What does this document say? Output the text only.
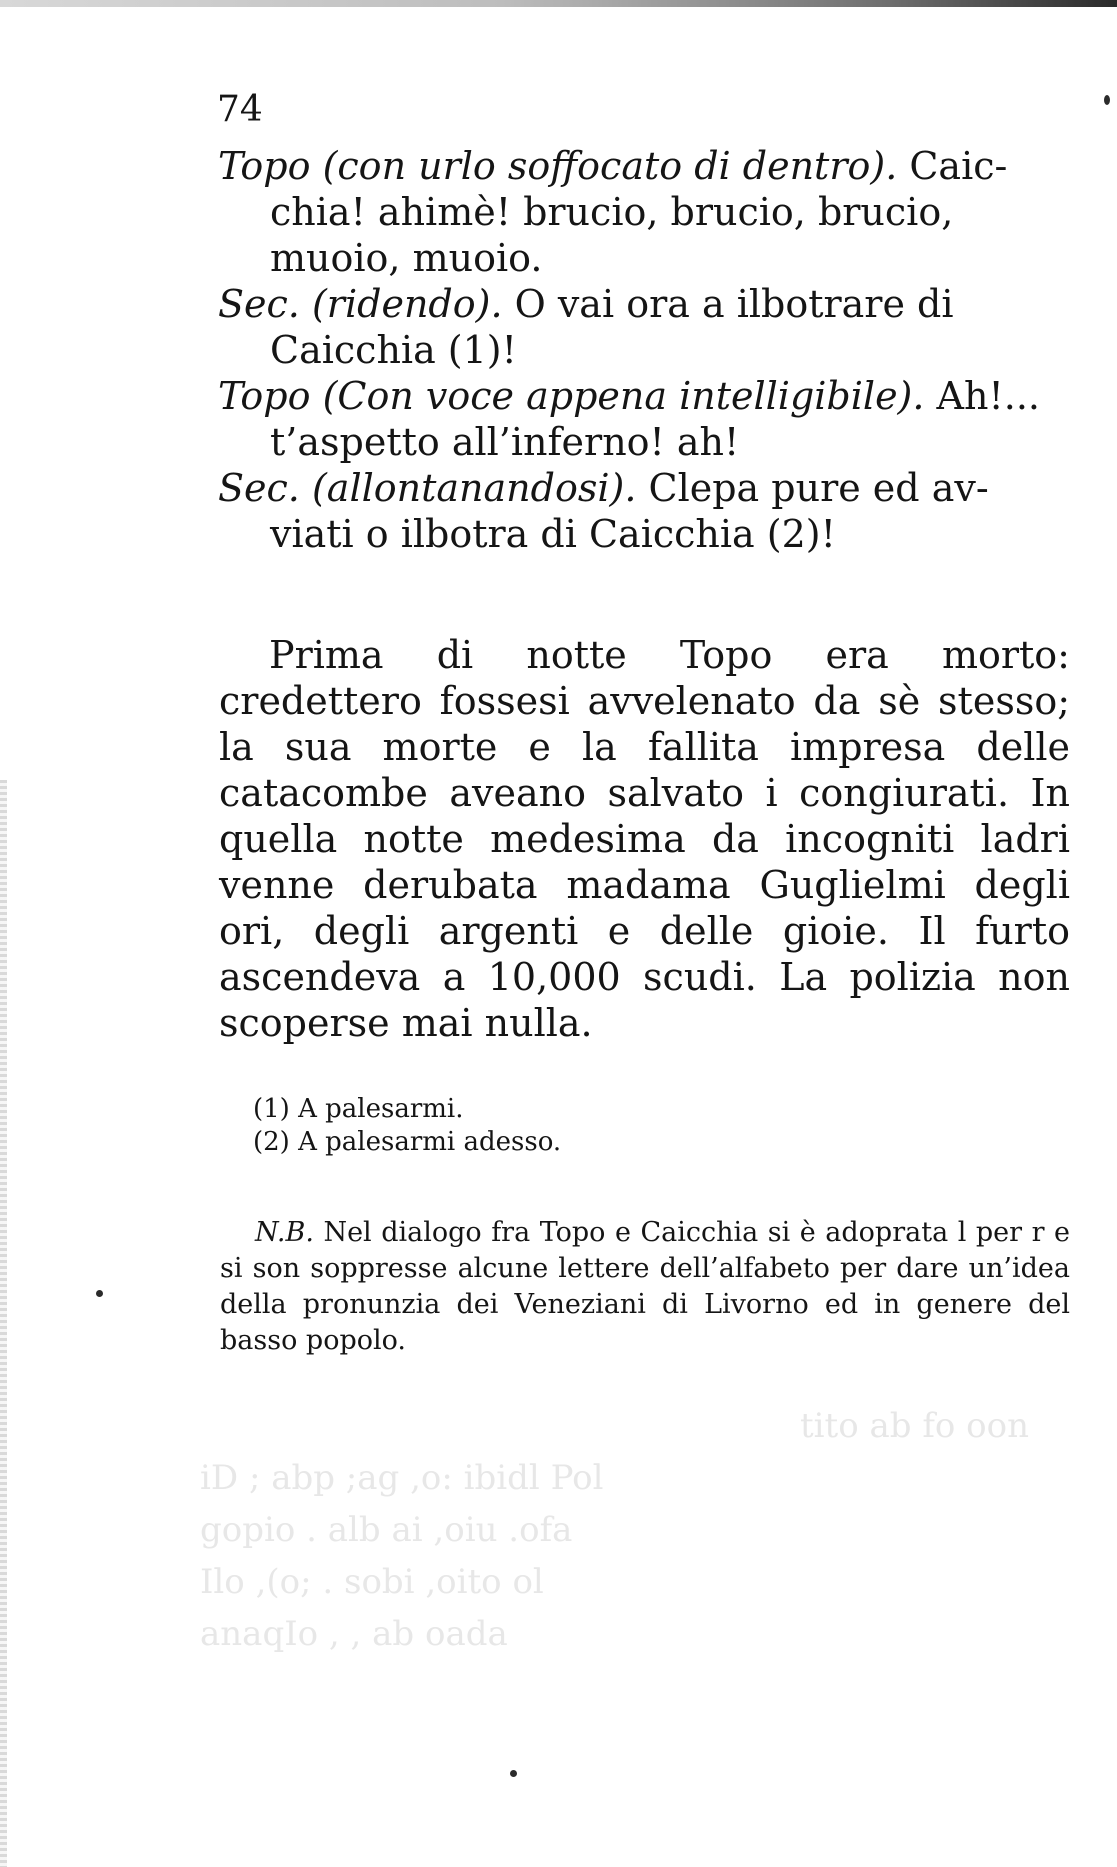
74
Topo (con urlo soffocato di dentro). Caic-
chia! ahimè! brucio, brucio, brucio,
muoio, muoio.
Sec. (ridendo). O vai ora a ilbotrare di
Caicchia (1)!
Topo (Con voce appena intelligibile). Ah!...
t’aspetto all’inferno! ah!
Sec. (allontanandosi). Clepa pure ed av-
viati o ilbotra di Caicchia (2)!

Prima di notte Topo era morto: credettero fossesi avvelenato da sè stesso; la sua morte e la fallita impresa delle catacombe aveano salvato i congiurati. In quella notte medesima da incogniti ladri venne derubata madama Guglielmi degli ori, degli argenti e delle gioie. Il furto ascendeva a 10,000 scudi. La polizia non scoperse mai nulla.

(1) A palesarmi.
(2) A palesarmi adesso.

N.B. Nel dialogo fra Topo e Caicchia si è adoprata l per r e si son soppresse alcune lettere dell’alfabeto per dare un’idea della pronunzia dei Veneziani di Livorno ed in genere del basso popolo.

tito ab fo oon
iD ; abp ;ag ,o: ibidl Pol
gopio . alb ai ,oiu .ofa
Ilo ,(o; . sobi ,oito ol
anaqIo , , ab oada
